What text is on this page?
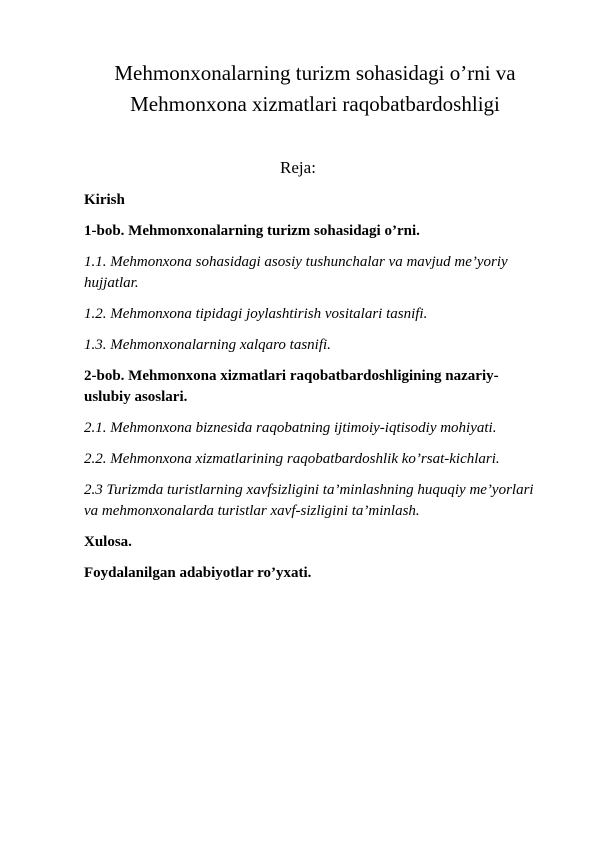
Mehmonxonalarning turizm sohasidagi o’rni va
Mehmonxona xizmatlari raqobatbardoshligi
Reja:
Kirish
1-bob. Mehmonxonalarning turizm sohasidagi o’rni.
1.1. Mehmonxona sohasidagi asosiy tushunchalar va mavjud me’yoriy hujjatlar.
1.2. Mehmonxona tipidagi joylashtirish vositalari tasnifi.
1.3. Mehmonxonalarning xalqaro tasnifi.
2-bob. Mehmonxona xizmatlari raqobatbardoshligining nazariy-uslubiy asoslari.
2.1. Mehmonxona biznesida raqobatning ijtimoiy-iqtisodiy mohiyati.
2.2. Mehmonxona xizmatlarining raqobatbardoshlik ko’rsat-kichlari.
2.3 Turizmda turistlarning xavfsizligini ta’minlashning huquqiy me’yorlari va mehmonxonalarda turistlar xavf-sizligini ta’minlash.
Xulosa.
Foydalanilgan adabiyotlar ro’yxati.
